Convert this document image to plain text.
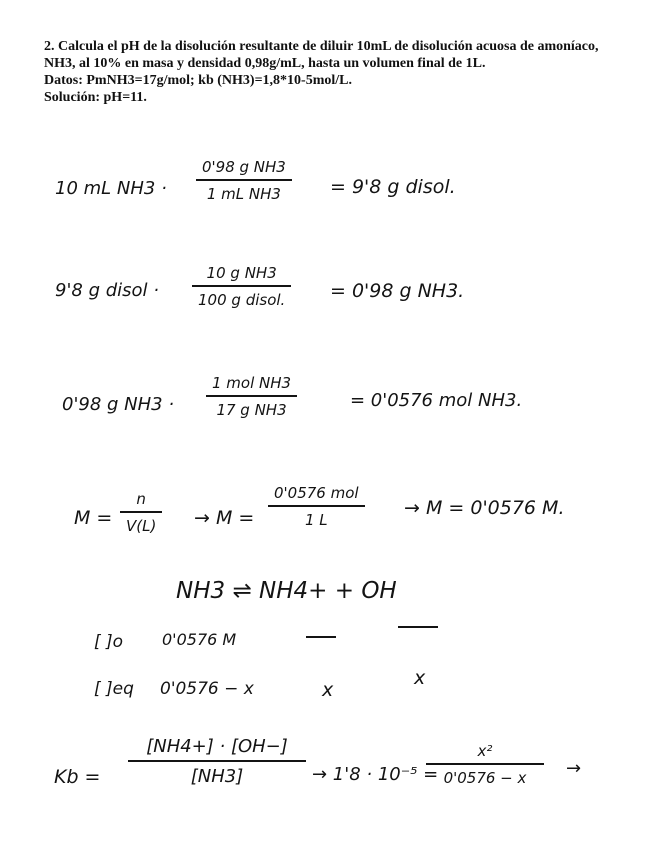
2. Calcula el pH de la disolución resultante de diluir 10mL de disolución acuosa de amoníaco, NH3, al 10% en masa y densidad 0,98g/mL, hasta un volumen final de 1L.

Datos: PmNH3=17g/mol; kb (NH3)=1,8*10-5mol/L.

Solución: pH=11.

10 mL NH3 ·
0'98 g NH3
1 mL NH3	= 9'8 g disol.
9'8 g disol ·
10 g NH3
100 g disol.	= 0'98 g NH3.
0'98 g NH3 ·
1 mol NH3
17 g NH3	= 0'0576 mol NH3.
M =
n
V(L)	→ M =
0'0576 mol
1 L
→ M = 0'0576 M.
NH3 ⇌ NH4+ + OH
[ ]o 0'0576 M
[ ]eq 0'0576 − x	x
x
Kb =
[NH4+] · [OH−]
[NH3]	→ 1'8 · 10⁻⁵ =
x²
0'0576 − x	→
